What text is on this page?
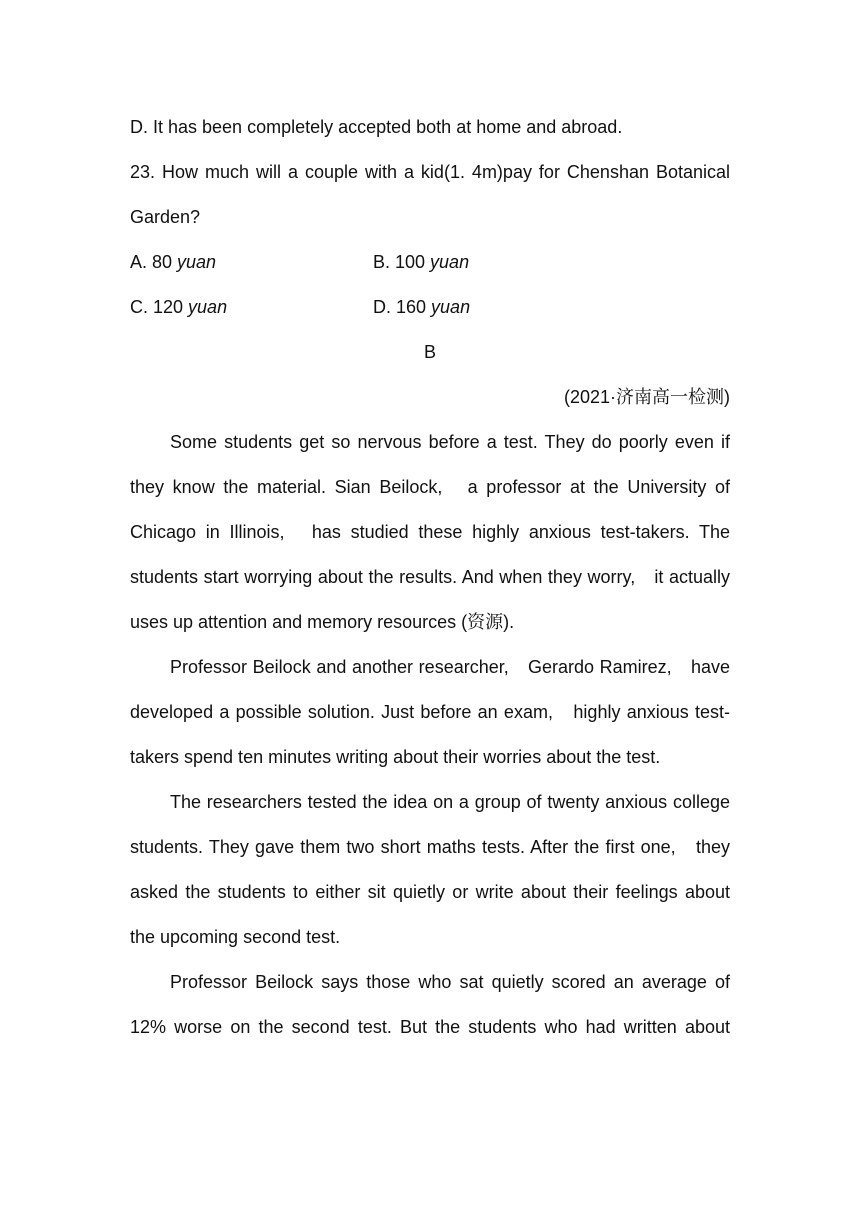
D. It has been completely accepted both at home and abroad.

23. How much will a couple with a kid(1. 4m)pay for Chenshan Botanical Garden?

A. 80 yuan	B. 100 yuan
C. 120 yuan	D. 160 yuan

B

(2021·济南高一检测)

Some students get so nervous before a test. They do poorly even if they know the material. Sian Beilock,　a professor at the University of Chicago in Illinois,　has studied these highly anxious test-takers. The students start worrying about the results. And when they worry,　it actually uses up attention and memory resources (资源).

Professor Beilock and another researcher,　Gerardo Ramirez,　have developed a possible solution. Just before an exam,　highly anxious test-takers spend ten minutes writing about their worries about the test.

The researchers tested the idea on a group of twenty anxious college students. They gave them two short maths tests. After the first one,　they asked the students to either sit quietly or write about their feelings about the upcoming second test.

Professor Beilock says those who sat quietly scored an average of 12% worse on the second test. But the students who had written about
